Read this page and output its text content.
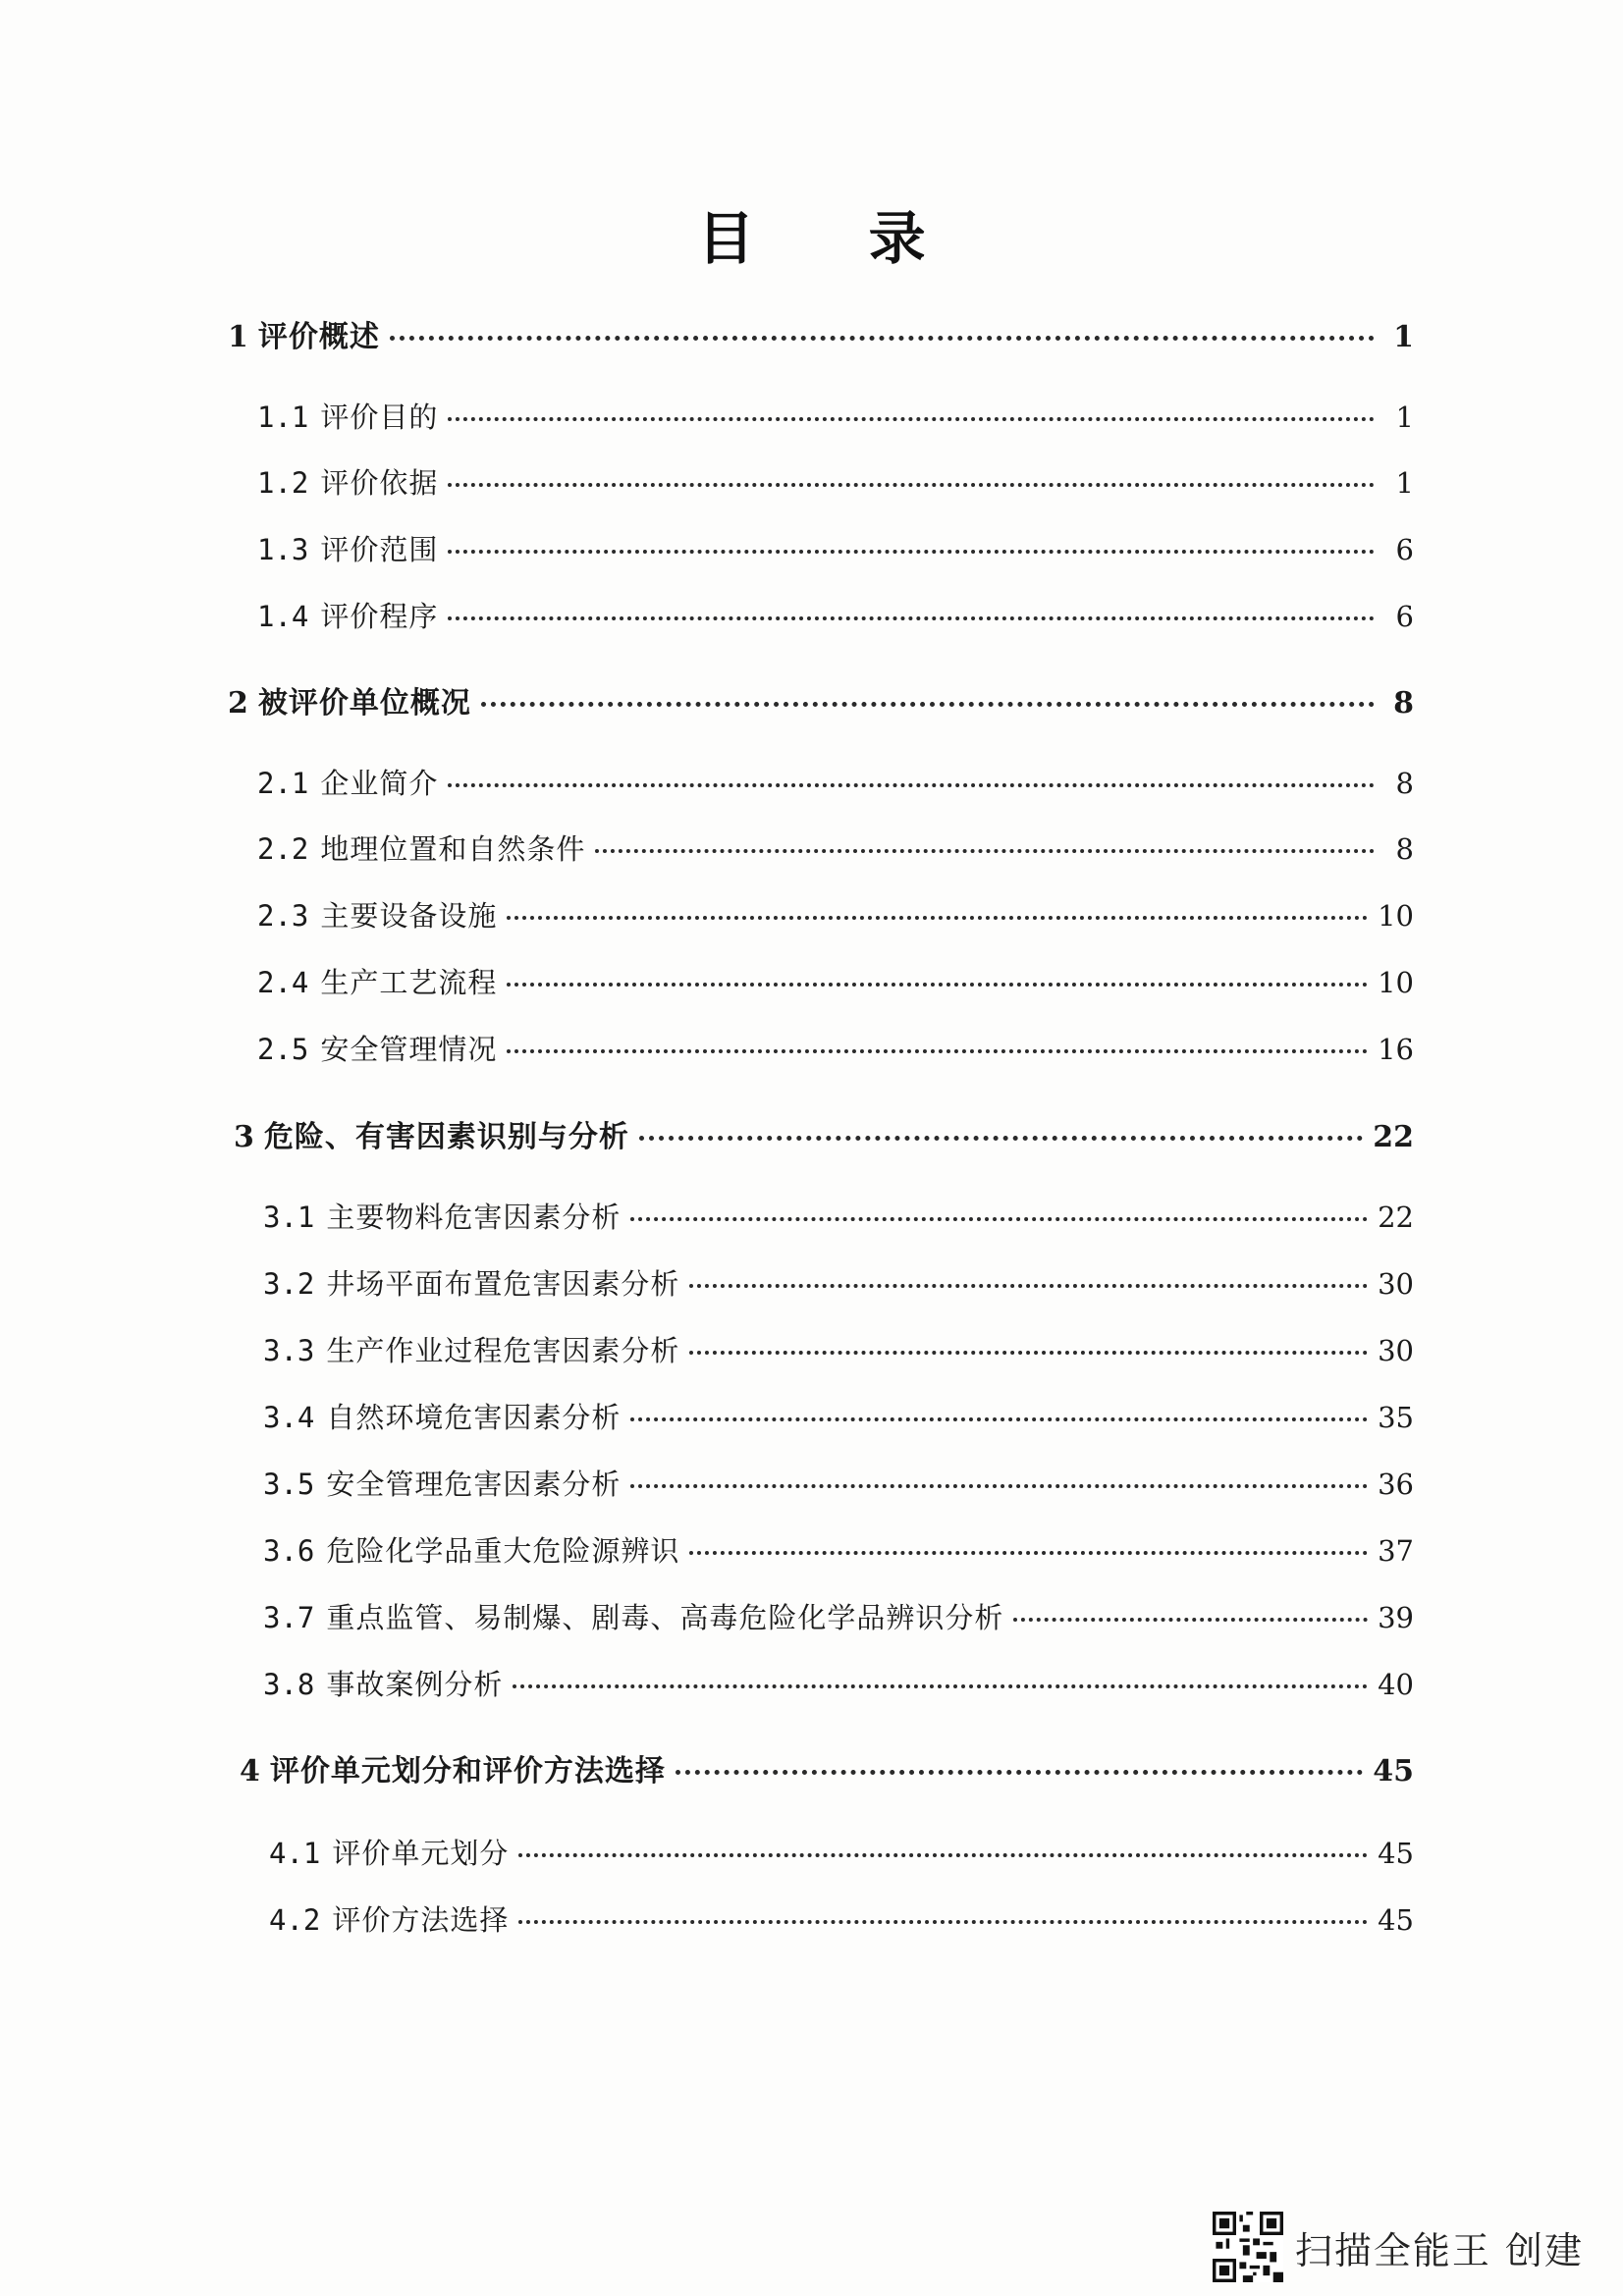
目 录
1 评价概述	1
1.1 评价目的	1
1.2 评价依据	1
1.3 评价范围	6
1.4 评价程序	6
2 被评价单位概况	8
2.1 企业简介	8
2.2 地理位置和自然条件	8
2.3 主要设备设施	10
2.4 生产工艺流程	10
2.5 安全管理情况	16
3 危险、有害因素识别与分析	22
3.1 主要物料危害因素分析	22
3.2 井场平面布置危害因素分析	30
3.3 生产作业过程危害因素分析	30
3.4 自然环境危害因素分析	35
3.5 安全管理危害因素分析	36
3.6 危险化学品重大危险源辨识	37
3.7 重点监管、易制爆、剧毒、高毒危险化学品辨识分析	39
3.8 事故案例分析	40
4 评价单元划分和评价方法选择	45
4.1 评价单元划分	45
4.2 评价方法选择	45
扫描全能王 创建
